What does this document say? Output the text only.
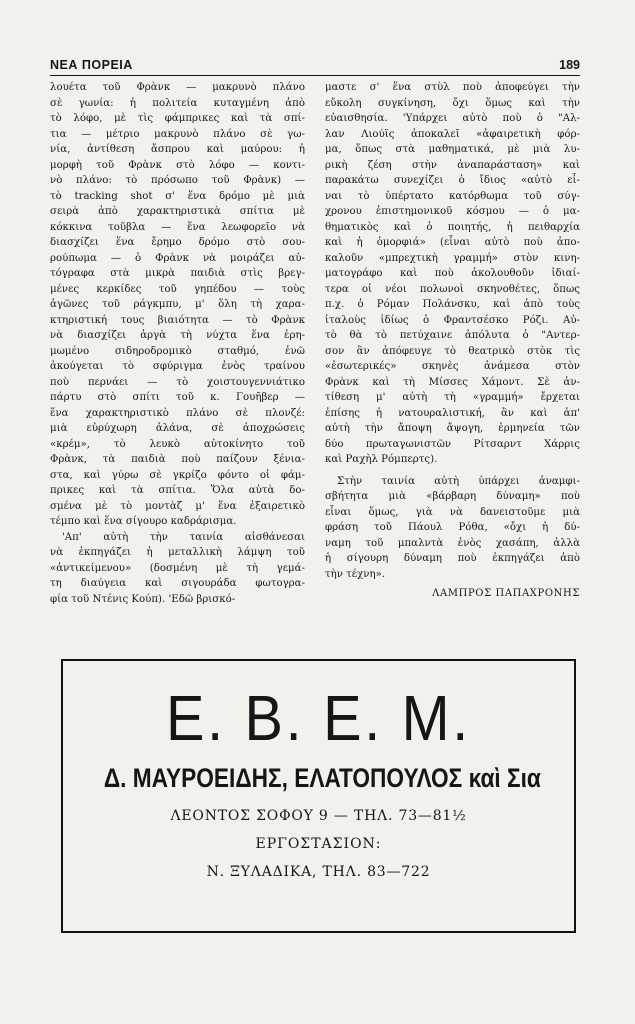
ΝΕΑ ΠΟΡΕΙΑ	189
λουέτα τοῦ Φρὰνκ — μακρυνὸ πλάνο
σὲ γωνία: ἡ πολιτεία κυταγμένη ἀπὸ
τὸ λόφο, μὲ τὶς φάμπρικες καὶ τὰ σπί-
τια — μέτριο μακρυνὸ πλάνο σὲ γω-
νία, ἀντίθεση ἄσπρου καὶ μαύρου: ἡ
μορφὴ τοῦ Φρὰνκ στὸ λόφο — κοντι-
νὸ πλάνο: τὸ πρόσωπο τοῦ Φρὰνκ) —
τὸ tracking shot σ' ἕνα δρόμο μὲ μιὰ
σειρὰ ἀπὸ χαρακτηριστικὰ σπίτια μὲ
κόκκινα τοῦβλα — ἕνα λεωφορεῖο νὰ
διασχίζει ἕνα ἔρημο δρόμο στὸ σου-
ρούπωμα — ὁ Φρὰνκ νὰ μοιράζει αὐ-
τόγραφα στὰ μικρὰ παιδιὰ στὶς βρεγ-
μένες κερκίδες τοῦ γηπέδου — τοὺς
ἀγῶνες τοῦ ράγκμπυ, μ' ὅλη τὴ χαρα-
κτηριστική τους βιαιότητα — τὸ Φρὰνκ
νὰ διασχίζει ἀργὰ τὴ νύχτα ἕνα ἐρη-
μωμένο σιδηροδρομικὸ σταθμό, ἐνῶ
ἀκούγεται τὸ σφύριγμα ἑνὸς τραίνου
ποὺ περνάει — τὸ χοιστουγεννιάτικο
πάρτυ στὸ σπίτι τοῦ κ. Γουῆβερ —
ἕνα χαρακτηριστικὸ πλάνο σὲ πλονζέ:
μιὰ εὐρύχωρη ἀλάνα, σὲ ἀποχρώσεις
«κρέμ», τὸ λευκὸ αὐτοκίνητο τοῦ
Φρὰνκ, τὰ παιδιὰ ποὺ παίζουν ξένια-
στα, καὶ γύρω σὲ γκρίζο φόντο οἱ φάμ-
πρικες καὶ τὰ σπίτια. Ὅλα αὐτὰ δο-
σμένα μὲ τὸ μοντὰζ μ' ἕνα ἐξαιρετικὸ
τέμπο καὶ ἕνα σίγουρο καδράρισμα.
'Απ' αὐτὴ τὴν ταινία αἰσθάνεσαι
νὰ ἐκπηγάζει ἡ μεταλλικὴ λάμψη τοῦ
«ἀντικείμενου» (δοσμένη μὲ τὴ γεμά-
τη διαύγεια καὶ σιγουράδα φωτογρα-
φία τοῦ Ντένις Κούπ). 'Εδῶ βρισκό-
μαστε σ' ἕνα στὺλ ποὺ ἀποφεύγει τὴν
εὔκολη συγκίνηση, ὄχι ὅμως καὶ τὴν
εὐαισθησία. 'Υπάρχει αὐτὸ ποὺ ὁ "Αλ-
λαν Λιούϊς ἀποκαλεῖ «ἀφαιρετικὴ φόρ-
μα, ὅπως στὰ μαθηματικά, μὲ μιὰ λυ-
ρικὴ ζέση στὴν ἀναπαράσταση» καὶ
παρακάτω συνεχίζει ὁ ἴδιος «αὐτὸ εἶ-
ναι τὸ ὑπέρτατο κατόρθωμα τοῦ σύγ-
χρονου ἐπιστημονικοῦ κόσμου — ὁ μα-
θηματικὸς καὶ ὁ ποιητής, ἡ πειθαρχία
καὶ ἡ ὁμορφιά» (εἶναι αὐτὸ ποὺ ἀπο-
καλοῦν «μπρεχτικὴ γραμμή» στὸν κινη-
ματογράφο καὶ ποὺ ἀκολουθοῦν ἰδιαί-
τερα οἱ νέοι πολωνοὶ σκηνοθέτες, ὅπως
π.χ. ὁ Ρόμαν Πολάνσκυ, καὶ ἀπὸ τοὺς
ἰταλοὺς ἰδίως ὁ Φραντσέσκο Ρόζι. Αὐ-
τὸ θὰ τὸ πετύχαινε ἀπόλυτα ὁ "Αντερ-
σον ἂν ἀπόφευγε τὸ θεατρικὸ στὸκ τὶς
«ἐσωτερικές» σκηνὲς ἀνάμεσα στὸν
Φρὰνκ καὶ τὴ Μίσσες Χάμοντ. Σὲ ἀν-
τίθεση μ' αὐτὴ τὴ «γραμμή» ἔρχεται
ἐπίσης ἡ νατουραλιστική, ἂν καὶ ἀπ'
αὐτὴ τὴν ἄποψη ἄψογη, ἑρμηνεία τῶν
δύο πρωταγωνιστῶν Ρίτσαρντ Χάρρις
καὶ Ραχὴλ Ρόμπερτς).
Στὴν ταινία αὐτὴ ὑπάρχει ἀναμφι-
σβήτητα μιὰ «βάρβαρη δύναμη» ποὺ
εἶναι ὅμως, γιὰ νὰ δανειστοῦμε μιὰ
φράση τοῦ Πάουλ Ρόθα, «ὄχι ἡ δύ-
ναμη τοῦ μπαλντὰ ἑνὸς χασάπη, ἀλλὰ
ἡ σίγουρη δύναμη ποὺ ἐκπηγάζει ἀπὸ
τὴν τέχνη».
ΛΑΜΠΡΟΣ ΠΑΠΑΧΡΟΝΗΣ
Ε. Β. Ε. Μ.
Δ. ΜΑΥΡΟΕΙΔΗΣ, ΕΛΑΤΟΠΟΥΛΟΣ καὶ Σια
ΛΕΟΝΤΟΣ ΣΟΦΟΥ 9 — ΤΗΛ. 73—81½
ΕΡΓΟΣΤΑΣΙΟΝ:
Ν. ΞΥΛΑΔΙΚΑ, ΤΗΛ. 83—722
